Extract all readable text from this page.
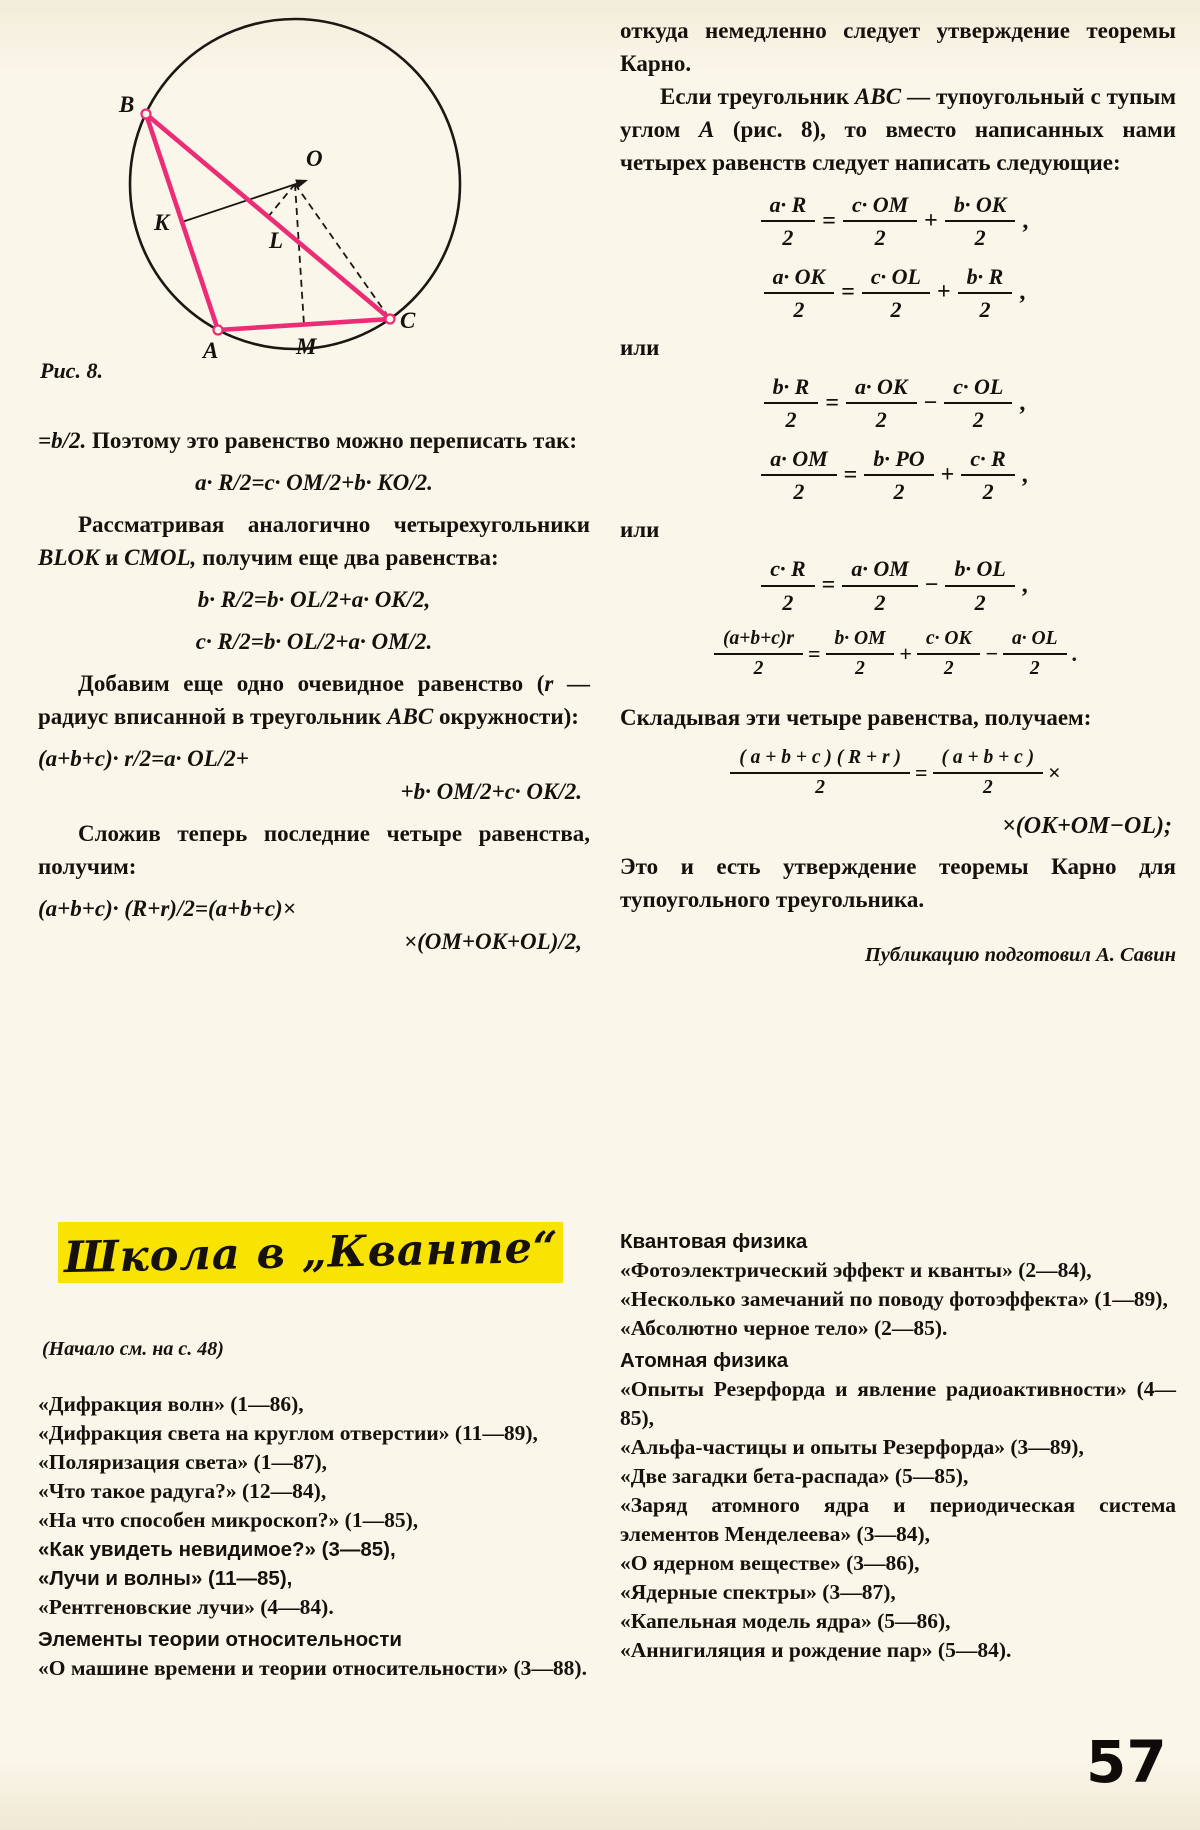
B
A
C
O
K
L
M
Рис. 8.

=b/2. Поэтому это равенство можно переписать так:

a· R/2=c· OM/2+b· KO/2.

Рассматривая аналогично четырехугольники BLOK и CMOL, получим еще два равенства:

b· R/2=b· OL/2+a· OK/2,
c· R/2=b· OL/2+a· OM/2.

Добавим еще одно очевидное равенство (r — радиус вписанной в треугольник ABC окружности):

(a+b+c)· r/2=a· OL/2+
+b· OM/2+c· OK/2.

Сложив теперь последние четыре равенства, получим:

(a+b+c)· (R+r)/2=(a+b+c)×
×(OM+OK+OL)/2,

откуда немедленно следует утверждение теоремы Карно.

Если треугольник ABC — тупоугольный с тупым углом A (рис. 8), то вместо написанных нами четырех равенств следует написать следующие:

$\frac{a\cdot R}{2} = \frac{c\cdot OM}{2} + \frac{b\cdot OK}{2}$ ,
$\frac{a\cdot OK}{2} = \frac{c\cdot OL}{2} + \frac{b\cdot R}{2}$ ,
или
$\frac{b\cdot R}{2} = \frac{a\cdot OK}{2} - \frac{c\cdot OL}{2}$ ,
$\frac{a\cdot OM}{2} = \frac{b\cdot PO}{2} + \frac{c\cdot R}{2}$ ,
или
$\frac{c\cdot R}{2} = \frac{a\cdot OM}{2} - \frac{b\cdot OL}{2}$ ,
$\frac{(a+b+c)r}{2} = \frac{b\cdot OM}{2} + \frac{c\cdot OK}{2} - \frac{a\cdot OL}{2}$ .

Складывая эти четыре равенства, получаем:

$\frac{( a + b + c ) ( R + r )}{2} = \frac{( a + b + c )}{2}$ ×
×(OK+OM−OL);

Это и есть утверждение теоремы Карно для тупоугольного треугольника.

Публикацию подготовил А. Савин
Школа в „Кванте“
(Начало см. на с. 48)
«Дифракция волн» (1—86),
«Дифракция света на круглом отверстии» (11—89),
«Поляризация света» (1—87),
«Что такое радуга?» (12—84),
«На что способен микроскоп?» (1—85),
«Как увидеть невидимое?» (3—85),
«Лучи и волны» (11—85),
«Рентгеновские лучи» (4—84).
Элементы теории относительности
«О машине времени и теории относительности» (3—88).
Квантовая физика
«Фотоэлектрический эффект и кванты» (2—84),
«Несколько замечаний по поводу фотоэффекта» (1—89),
«Абсолютно черное тело» (2—85).
Атомная физика
«Опыты Резерфорда и явление радиоактивности» (4—85),
«Альфа-частицы и опыты Резерфорда» (3—89),
«Две загадки бета-распада» (5—85),
«Заряд атомного ядра и периодическая система элементов Менделеева» (3—84),
«О ядерном веществе» (3—86),
«Ядерные спектры» (3—87),
«Капельная модель ядра» (5—86),
«Аннигиляция и рождение пар» (5—84).
57
